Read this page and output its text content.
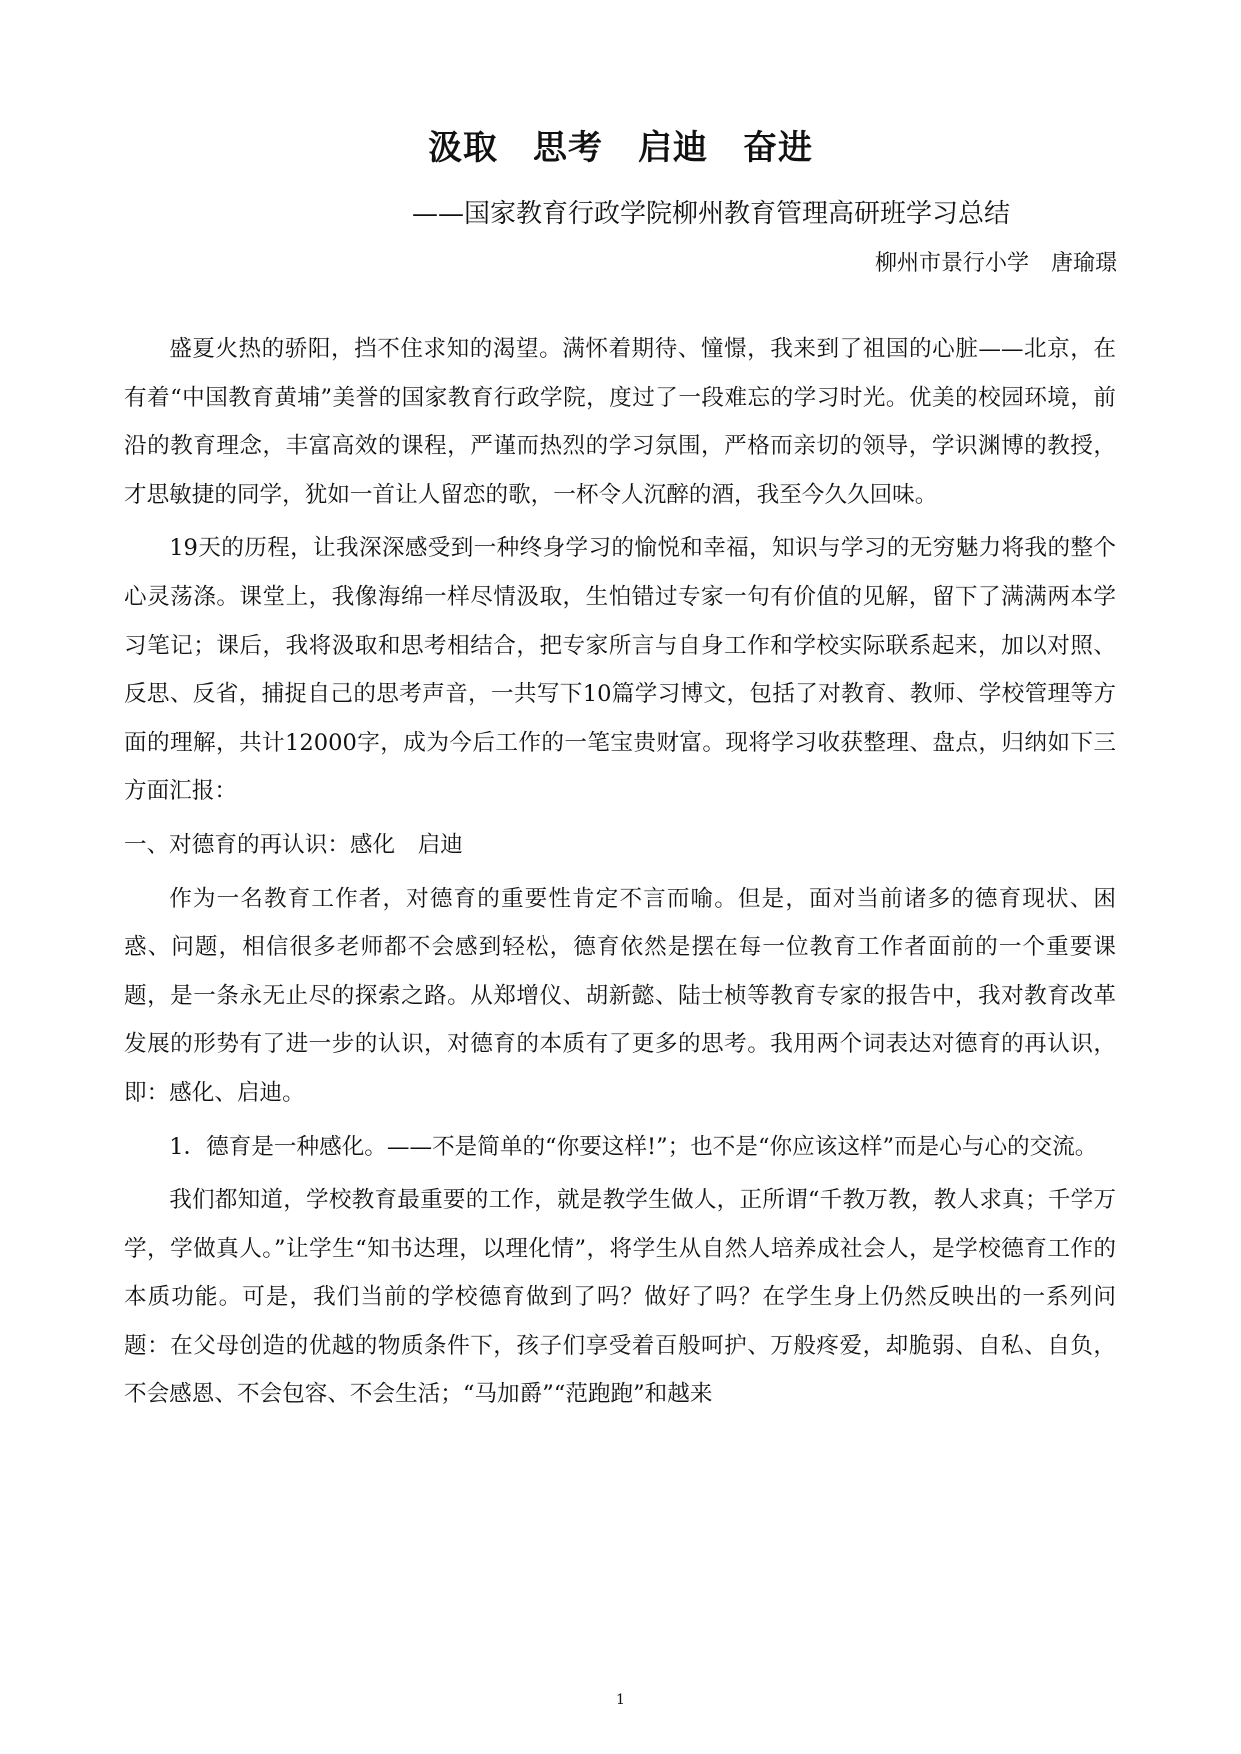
汲取　思考　启迪　奋进
——国家教育行政学院柳州教育管理高研班学习总结
柳州市景行小学　唐瑜璟

盛夏火热的骄阳，挡不住求知的渴望。满怀着期待、憧憬，我来到了祖国的心脏——北京，在有着“中国教育黄埔”美誉的国家教育行政学院，度过了一段难忘的学习时光。优美的校园环境，前沿的教育理念，丰富高效的课程，严谨而热烈的学习氛围，严格而亲切的领导，学识渊博的教授，才思敏捷的同学，犹如一首让人留恋的歌，一杯令人沉醉的酒，我至今久久回味。

19天的历程，让我深深感受到一种终身学习的愉悦和幸福，知识与学习的无穷魅力将我的整个心灵荡涤。课堂上，我像海绵一样尽情汲取，生怕错过专家一句有价值的见解，留下了满满两本学习笔记；课后，我将汲取和思考相结合，把专家所言与自身工作和学校实际联系起来，加以对照、反思、反省，捕捉自己的思考声音，一共写下10篇学习博文，包括了对教育、教师、学校管理等方面的理解，共计12000字，成为今后工作的一笔宝贵财富。现将学习收获整理、盘点，归纳如下三方面汇报：

一、对德育的再认识：感化　启迪

作为一名教育工作者，对德育的重要性肯定不言而喻。但是，面对当前诸多的德育现状、困惑、问题，相信很多老师都不会感到轻松，德育依然是摆在每一位教育工作者面前的一个重要课题，是一条永无止尽的探索之路。从郑增仪、胡新懿、陆士桢等教育专家的报告中，我对教育改革发展的形势有了进一步的认识，对德育的本质有了更多的思考。我用两个词表达对德育的再认识，即：感化、启迪。

1．德育是一种感化。——不是简单的“你要这样!”；也不是“你应该这样”而是心与心的交流。

我们都知道，学校教育最重要的工作，就是教学生做人，正所谓“千教万教，教人求真；千学万学，学做真人。”让学生“知书达理，以理化情”，将学生从自然人培养成社会人，是学校德育工作的本质功能。可是，我们当前的学校德育做到了吗？做好了吗？在学生身上仍然反映出的一系列问题：在父母创造的优越的物质条件下，孩子们享受着百般呵护、万般疼爱，却脆弱、自私、自负，不会感恩、不会包容、不会生活；“马加爵”“范跑跑”和越来

1
